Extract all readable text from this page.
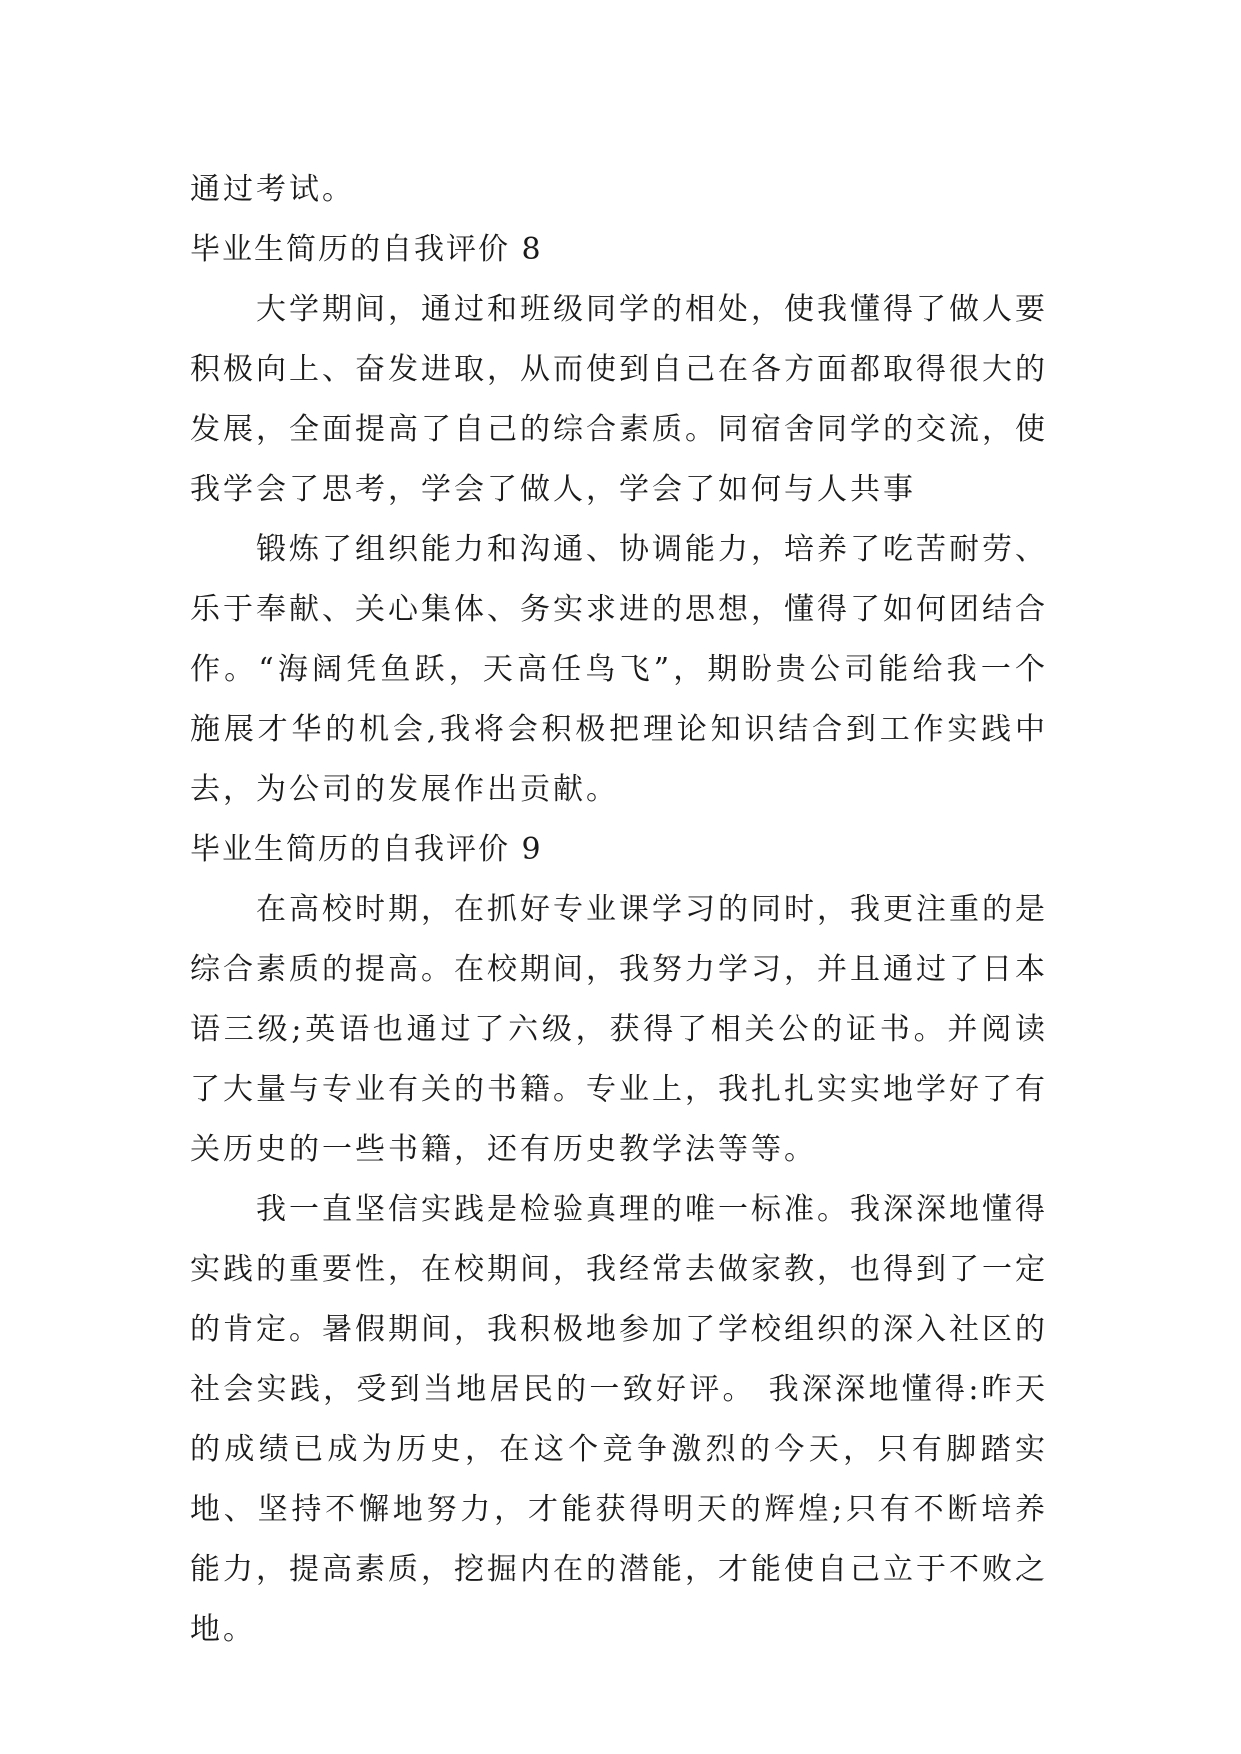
通过考试。

毕业生简历的自我评价 8

大学期间，通过和班级同学的相处，使我懂得了做人要积极向上、奋发进取，从而使到自己在各方面都取得很大的发展，全面提高了自己的综合素质。同宿舍同学的交流，使我学会了思考，学会了做人，学会了如何与人共事

锻炼了组织能力和沟通、协调能力，培养了吃苦耐劳、乐于奉献、关心集体、务实求进的思想，懂得了如何团结合作。“海阔凭鱼跃，天高任鸟飞”，期盼贵公司能给我一个施展才华的机会,我将会积极把理论知识结合到工作实践中去，为公司的发展作出贡献。

毕业生简历的自我评价 9

在高校时期，在抓好专业课学习的同时，我更注重的是综合素质的提高。在校期间，我努力学习，并且通过了日本语三级;英语也通过了六级，获得了相关公的证书。并阅读了大量与专业有关的书籍。专业上，我扎扎实实地学好了有关历史的一些书籍，还有历史教学法等等。

我一直坚信实践是检验真理的唯一标准。我深深地懂得实践的重要性，在校期间，我经常去做家教，也得到了一定的肯定。暑假期间，我积极地参加了学校组织的深入社区的社会实践，受到当地居民的一致好评。 我深深地懂得:昨天的成绩已成为历史，在这个竞争激烈的今天，只有脚踏实地、坚持不懈地努力，才能获得明天的辉煌;只有不断培养能力，提高素质，挖掘内在的潜能，才能使自己立于不败之地。
